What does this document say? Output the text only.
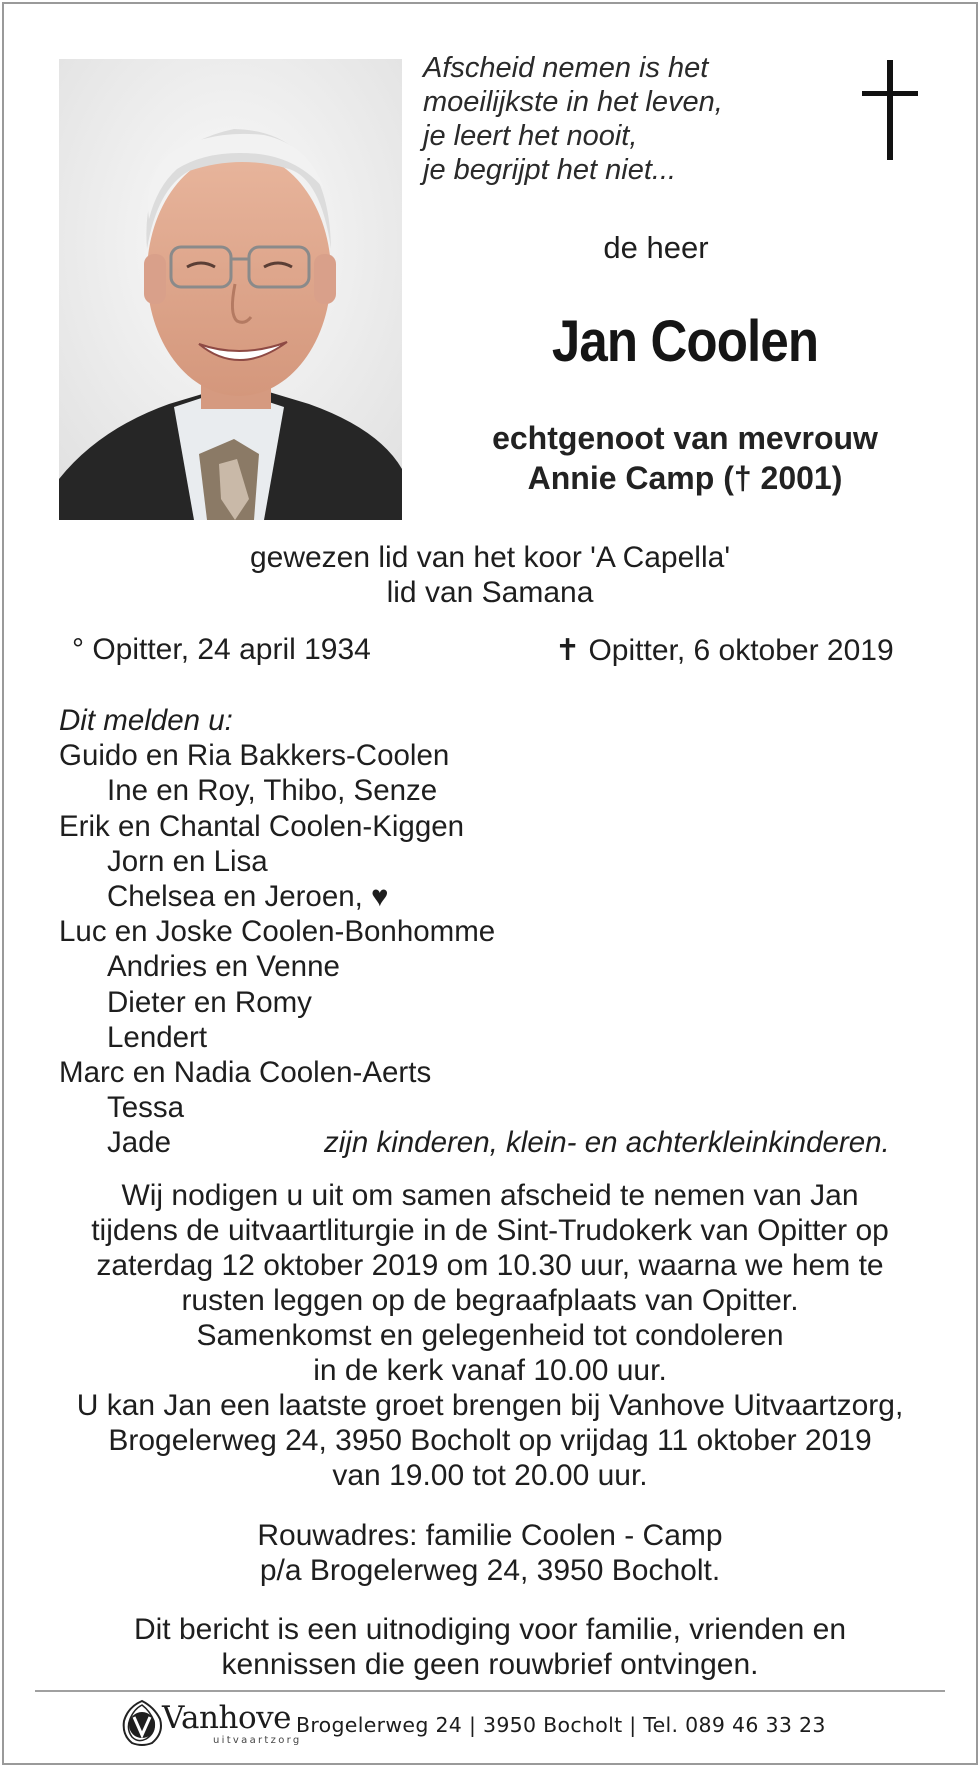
Afscheid nemen is het
moeilijkste in het leven,
je leert het nooit,
je begrijpt het niet...
de heer
Jan Coolen
echtgenoot van mevrouw
Annie Camp († 2001)
gewezen lid van het koor 'A Capella'
lid van Samana
° Opitter, 24 april 1934	✝ Opitter, 6 oktober 2019
Dit melden u:
Guido en Ria Bakkers-Coolen
Ine en Roy, Thibo, Senze
Erik en Chantal Coolen-Kiggen
Jorn en Lisa
Chelsea en Jeroen, ♥
Luc en Joske Coolen-Bonhomme
Andries en Venne
Dieter en Romy
Lendert
Marc en Nadia Coolen-Aerts
Tessa
Jade	zijn kinderen, klein- en achterkleinkinderen.
Wij nodigen u uit om samen afscheid te nemen van Jan
tijdens de uitvaartliturgie in de Sint-Trudokerk van Opitter op
zaterdag 12 oktober 2019 om 10.30 uur, waarna we hem te
rusten leggen op de begraafplaats van Opitter.
Samenkomst en gelegenheid tot condoleren
in de kerk vanaf 10.00 uur.
U kan Jan een laatste groet brengen bij Vanhove Uitvaartzorg,
Brogelerweg 24, 3950 Bocholt op vrijdag 11 oktober 2019
van 19.00 tot 20.00 uur.
Rouwadres: familie Coolen - Camp
p/a Brogelerweg 24, 3950 Bocholt.
Dit bericht is een uitnodiging voor familie, vrienden en
kennissen die geen rouwbrief ontvingen.
Vanhove
uitvaartzorg
Brogelerweg 24 | 3950 Bocholt | Tel. 089 46 33 23
